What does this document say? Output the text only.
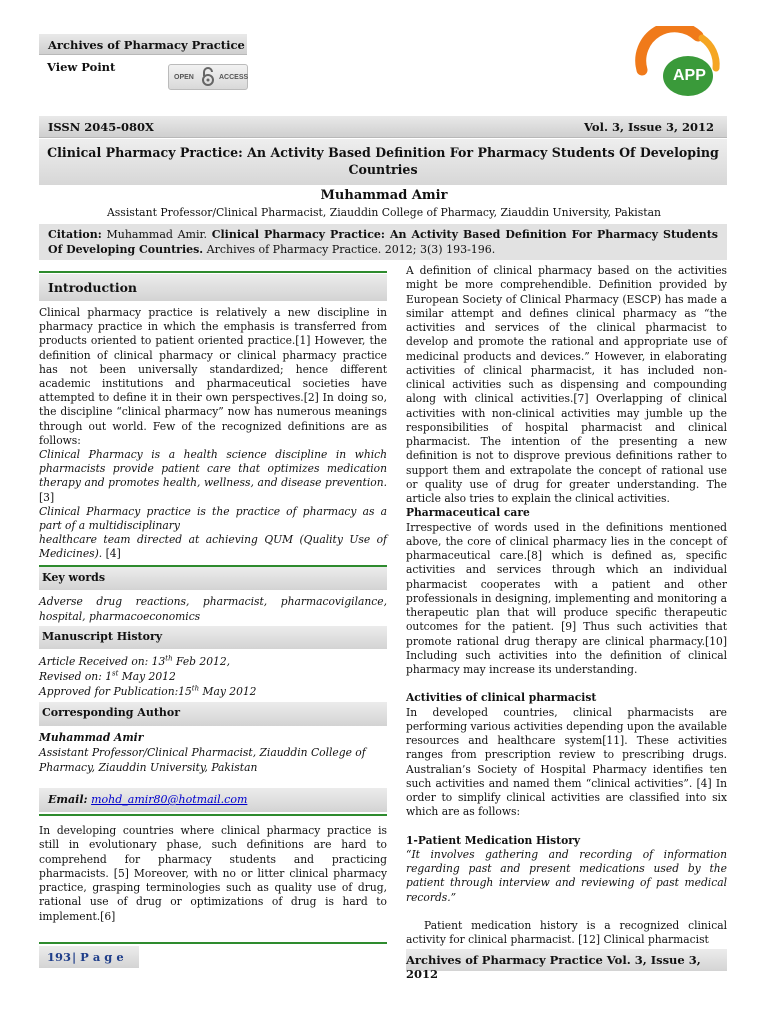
Archives of Pharmacy Practice
View Point
OPEN	ACCESS	APP
ISSN 2045-080X	Vol. 3, Issue 3, 2012
Clinical Pharmacy Practice: An Activity Based Definition For Pharmacy Students Of Developing
Countries
Muhammad Amir
Assistant Professor/Clinical Pharmacist, Ziauddin College of Pharmacy, Ziauddin University, Pakistan
Citation: Muhammad Amir. Clinical Pharmacy Practice: An Activity Based Definition For Pharmacy Students Of Developing Countries. Archives of Pharmacy Practice. 2012; 3(3) 193-196.
Introduction

Clinical pharmacy practice is relatively a new discipline in pharmacy practice in which the emphasis is transferred from products oriented to patient oriented practice.[1] However, the definition of clinical pharmacy or clinical pharmacy practice has not been universally standardized; hence different academic institutions and pharmaceutical societies have attempted to define it in their own perspectives.[2] In doing so, the discipline “clinical pharmacy” now has numerous meanings through out world. Few of the recognized definitions are as follows:

Clinical Pharmacy is a health science discipline in which pharmacists provide patient care that optimizes medication therapy and promotes health, wellness, and disease prevention. [3]

Clinical Pharmacy practice is the practice of pharmacy as a part of a multidisciplinary
healthcare team directed at achieving QUM (Quality Use of Medicines). [4]

Key words
Adverse drug reactions, pharmacist, pharmacovigilance, hospital, pharmacoeconomics
Manuscript History
Article Received on: 13th Feb 2012,
Revised on: 1st May 2012
Approved for Publication:15th May 2012
Corresponding Author
Muhammad Amir
Assistant Professor/Clinical Pharmacist, Ziauddin College of Pharmacy, Ziauddin University, Pakistan
Email: mohd_amir80@hotmail.com
In developing countries where clinical pharmacy practice is still in evolutionary phase, such definitions are hard to comprehend for pharmacy students and practicing pharmacists. [5] Moreover, with no or litter clinical pharmacy practice, grasping terminologies such as quality use of drug, rational use of drug or optimizations of drug is hard to implement.[6]

A definition of clinical pharmacy based on the activities might be more comprehendible. Definition provided by European Society of Clinical Pharmacy (ESCP) has made a similar attempt and defines clinical pharmacy as “the activities and services of the clinical pharmacist to develop and promote the rational and appropriate use of medicinal products and devices.” However, in elaborating activities of clinical pharmacist, it has included non-clinical activities such as dispensing and compounding along with clinical activities.[7] Overlapping of clinical activities with non-clinical activities may jumble up the responsibilities of hospital pharmacist and clinical pharmacist. The intention of the presenting a new definition is not to disprove previous definitions rather to support them and extrapolate the concept of rational use or quality use of drug for greater understanding. The article also tries to explain the clinical activities.

Pharmaceutical care

Irrespective of words used in the definitions mentioned above, the core of clinical pharmacy lies in the concept of pharmaceutical care.[8] which is defined as, specific activities and services through which an individual pharmacist cooperates with a patient and other professionals in designing, implementing and monitoring a therapeutic plan that will produce specific therapeutic outcomes for the patient. [9] Thus such activities that promote rational drug therapy are clinical pharmacy.[10] Including such activities into the definition of clinical pharmacy may increase its understanding.

Activities of clinical pharmacist

In developed countries, clinical pharmacists are performing various activities depending upon the available resources and healthcare system[11]. These activities ranges from prescription review to prescribing drugs. Australian’s Society of Hospital Pharmacy identifies ten such activities and named them “clinical activities”. [4] In order to simplify clinical activities are classified into six which are as follows:

1-Patient Medication History

“It involves gathering and recording of information regarding past and present medications used by the patient through interview and reviewing of past medical records.”

Patient medication history is a recognized clinical activity for clinical pharmacist. [12] Clinical pharmacist

193 | P a g e	Archives of Pharmacy Practice Vol. 3, Issue 3, 2012
